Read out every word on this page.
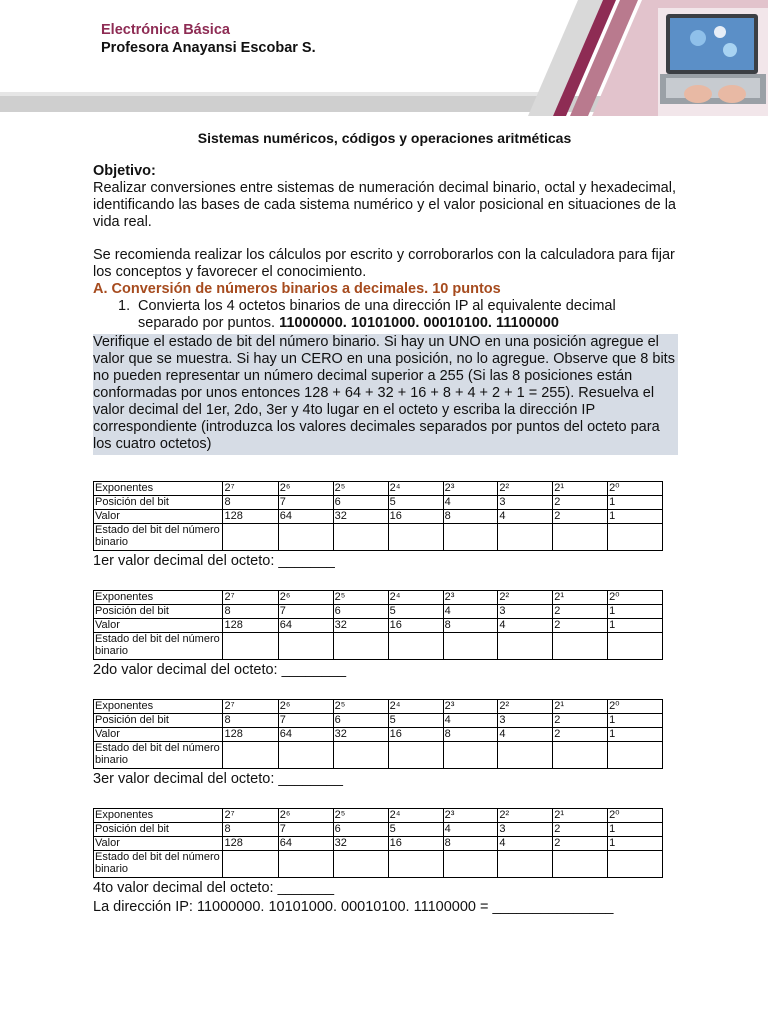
Electrónica Básica
Profesora Anayansi Escobar S.
Sistemas numéricos, códigos y operaciones aritméticas
Objetivo:
Realizar conversiones entre sistemas de numeración decimal binario, octal y hexadecimal, identificando las bases de cada sistema numérico y el valor posicional en situaciones de la vida real.
Se recomienda realizar los cálculos por escrito y corroborarlos con la calculadora para fijar los conceptos y favorecer el conocimiento.
A. Conversión de números binarios a decimales. 10 puntos
1. Convierta los 4 octetos binarios de una dirección IP al equivalente decimal separado por puntos. 11000000. 10101000. 00010100. 11100000
Verifique el estado de bit del número binario. Si hay un UNO en una posición agregue el valor que se muestra. Si hay un CERO en una posición, no lo agregue. Observe que 8 bits no pueden representar un número decimal superior a 255 (Si las 8 posiciones están conformadas por unos entonces 128 + 64 + 32 + 16 + 8 + 4 + 2 + 1 = 255). Resuelva el valor decimal del 1er, 2do, 3er y 4to lugar en el octeto y escriba la dirección IP correspondiente (introduzca los valores decimales separados por puntos del octeto para los cuatro octetos)
Exponentes	2⁷	2⁶	2⁵	2⁴	2³	2²	2¹	2⁰
Posición del bit	8	7	6	5	4	3	2	1
Valor	128	64	32	16	8	4	2	1
Estado del bit del número binario								
1er valor decimal del octeto: _______
Exponentes	2⁷	2⁶	2⁵	2⁴	2³	2²	2¹	2⁰
Posición del bit	8	7	6	5	4	3	2	1
Valor	128	64	32	16	8	4	2	1
Estado del bit del número binario								
2do valor decimal del octeto: ________
Exponentes	2⁷	2⁶	2⁵	2⁴	2³	2²	2¹	2⁰
Posición del bit	8	7	6	5	4	3	2	1
Valor	128	64	32	16	8	4	2	1
Estado del bit del número binario								
3er valor decimal del octeto: ________
Exponentes	2⁷	2⁶	2⁵	2⁴	2³	2²	2¹	2⁰
Posición del bit	8	7	6	5	4	3	2	1
Valor	128	64	32	16	8	4	2	1
Estado del bit del número binario								
4to valor decimal del octeto: _______
La dirección IP: 11000000. 10101000. 00010100. 11100000 = _______________
